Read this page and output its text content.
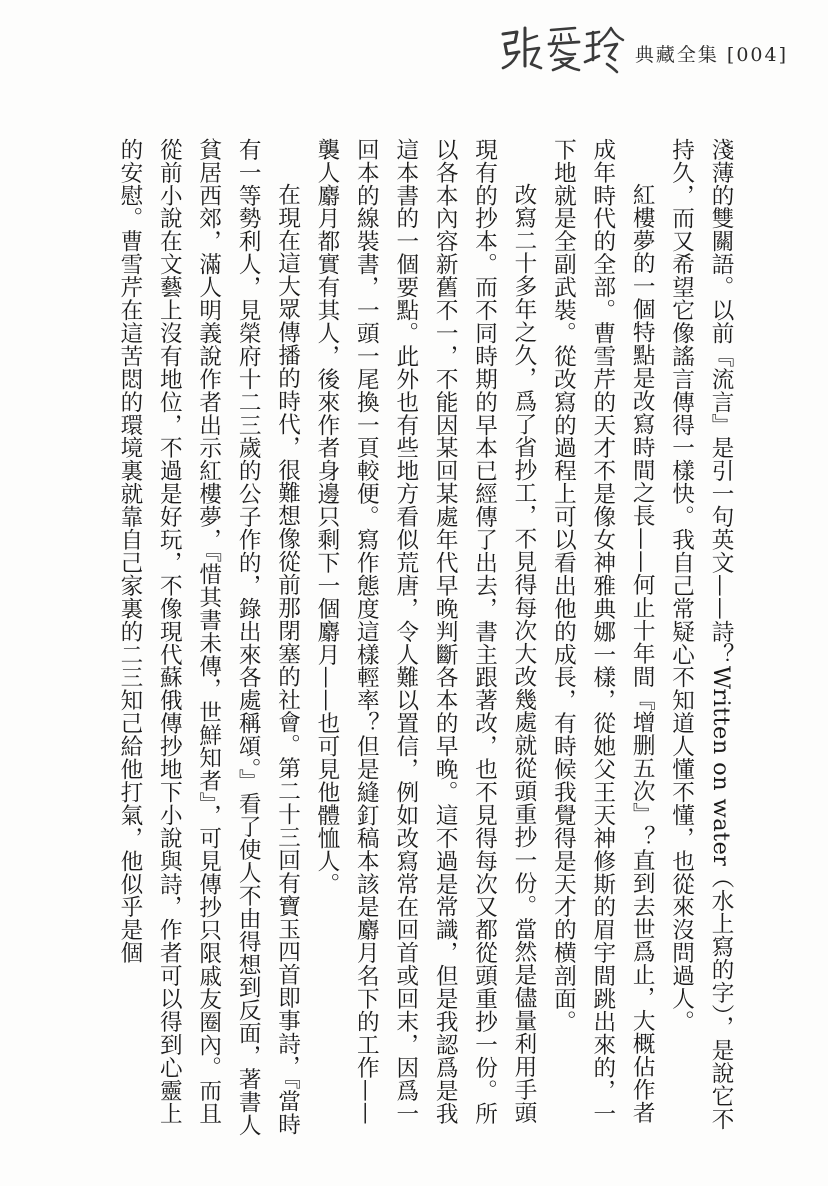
典藏全集 [004]

淺薄的雙關語。以前『流言』是引一句英文——詩？Written on water（水上寫的字），是說它不持久，而又希望它像謠言傳得一樣快。我自己常疑心不知道人懂不懂，也從來沒問過人。

紅樓夢的一個特點是改寫時間之長——何止十年間『增删五次』？直到去世爲止，大概佔作者成年時代的全部。曹雪芹的天才不是像女神雅典娜一樣，從她父王天神修斯的眉宇間跳出來的，一下地就是全副武裝。從改寫的過程上可以看出他的成長，有時候我覺得是天才的横剖面。

改寫二十多年之久，爲了省抄工，不見得每次大改幾處就從頭重抄一份。當然是儘量利用手頭現有的抄本。而不同時期的早本已經傳了出去，書主跟著改，也不見得每次又都從頭重抄一份。所以各本內容新舊不一，不能因某回某處年代早晚判斷各本的早晚。這不過是常識，但是我認爲是我這本書的一個要點。此外也有些地方看似荒唐，令人難以置信，例如改寫常在回首或回末，因爲一回本的線裝書，一頭一尾換一頁較便。寫作態度這樣輕率？但是縫釘稿本該是麝月名下的工作——襲人麝月都實有其人，後來作者身邊只剩下一個麝月——也可見他體恤人。

在現在這大眾傳播的時代，很難想像從前那閉塞的社會。第二十三回有寶玉四首即事詩，『當時有一等勢利人，見榮府十二三歲的公子作的，錄出來各處稱頌。』看了使人不由得想到反面，著書人貧居西郊，滿人明義說作者出示紅樓夢，『惜其書未傳，世鮮知者』，可見傳抄只限戚友圈內。而且從前小說在文藝上沒有地位，不過是好玩，不像現代蘇俄傳抄地下小說與詩，作者可以得到心靈上的安慰。曹雪芹在這苦悶的環境裏就靠自己家裏的二三知己給他打氣，他似乎是個
